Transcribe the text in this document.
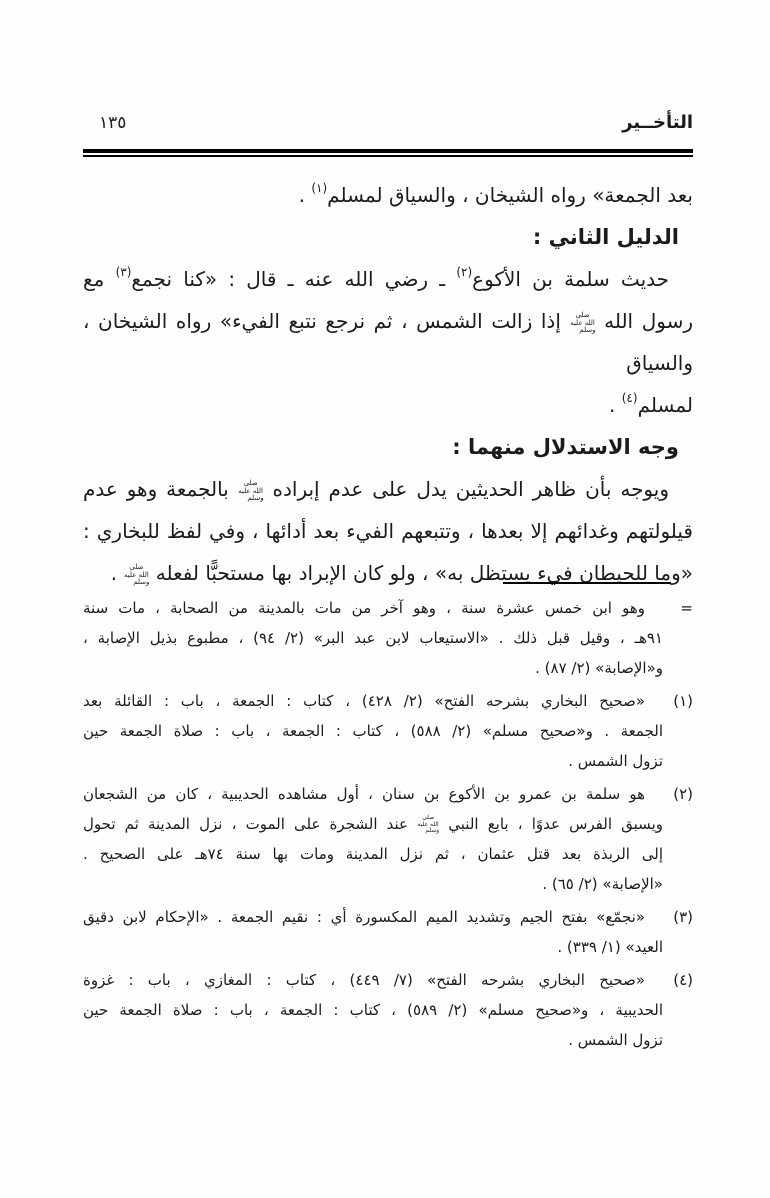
التأخــير
١٣٥
بعد الجمعة» رواه الشيخان ، والسياق لمسلم$^{(١)}$ .
الدليل الثاني :
حديث سلمة بن الأكوع$^{(٢)}$ ـ رضي الله عنه ـ قال : «كنا نجمع$^{(٣)}$ مع
رسول الله صلى الله عليه وسلم إذا زالت الشمس ، ثم نرجع نتبع الفيء» رواه الشيخان ، والسياق
لمسلم$^{(٤)}$ .
وجه الاستدلال منهما :
ويوجه بأن ظاهر الحديثين يدل على عدم إبراده صلى الله عليه وسلم بالجمعة وهو عدم
قيلولتهم وغدائهم إلا بعدها ، وتتبعهم الفيء بعد أدائها ، وفي لفظ للبخاري :
«وما للحيطان فيء يستظل به» ، ولو كان الإبراد بها مستحبًّا لفعله صلى الله عليه وسلم .
=وهو ابن خمس عشرة سنة ، وهو آخر من مات بالمدينة من الصحابة ، مات سنة
٩١هـ ، وقيل قبل ذلك . «الاستيعاب لابن عبد البر» (٢/ ٩٤) ، مطبوع بذيل الإصابة ،
و«الإصابة» (٢/ ٨٧) .
(١)«صحيح البخاري بشرحه الفتح» (٢/ ٤٢٨) ، كتاب : الجمعة ، باب : القائلة بعد
الجمعة . و«صحيح مسلم» (٢/ ٥٨٨) ، كتاب : الجمعة ، باب : صلاة الجمعة حين
تزول الشمس .
(٢)هو سلمة بن عمرو بن الأكوع بن سنان ، أول مشاهده الحديبية ، كان من الشجعان
ويسبق الفرس عدوًا ، بايع النبي صلى الله عليه وسلم عند الشجرة على الموت ، نزل المدينة ثم تحول
إلى الربذة بعد قتل عثمان ، ثم نزل المدينة ومات بها سنة ٧٤هـ على الصحيح .
«الإصابة» (٢/ ٦٥) .
(٣)«نجمّع» بفتح الجيم وتشديد الميم المكسورة أي : نقيم الجمعة . «الإحكام لابن دقيق
العيد» (١/ ٣٣٩) .
(٤)«صحيح البخاري بشرحه الفتح» (٧/ ٤٤٩) ، كتاب : المغازي ، باب : غزوة
الحديبية ، و«صحيح مسلم» (٢/ ٥٨٩) ، كتاب : الجمعة ، باب : صلاة الجمعة حين
تزول الشمس .
